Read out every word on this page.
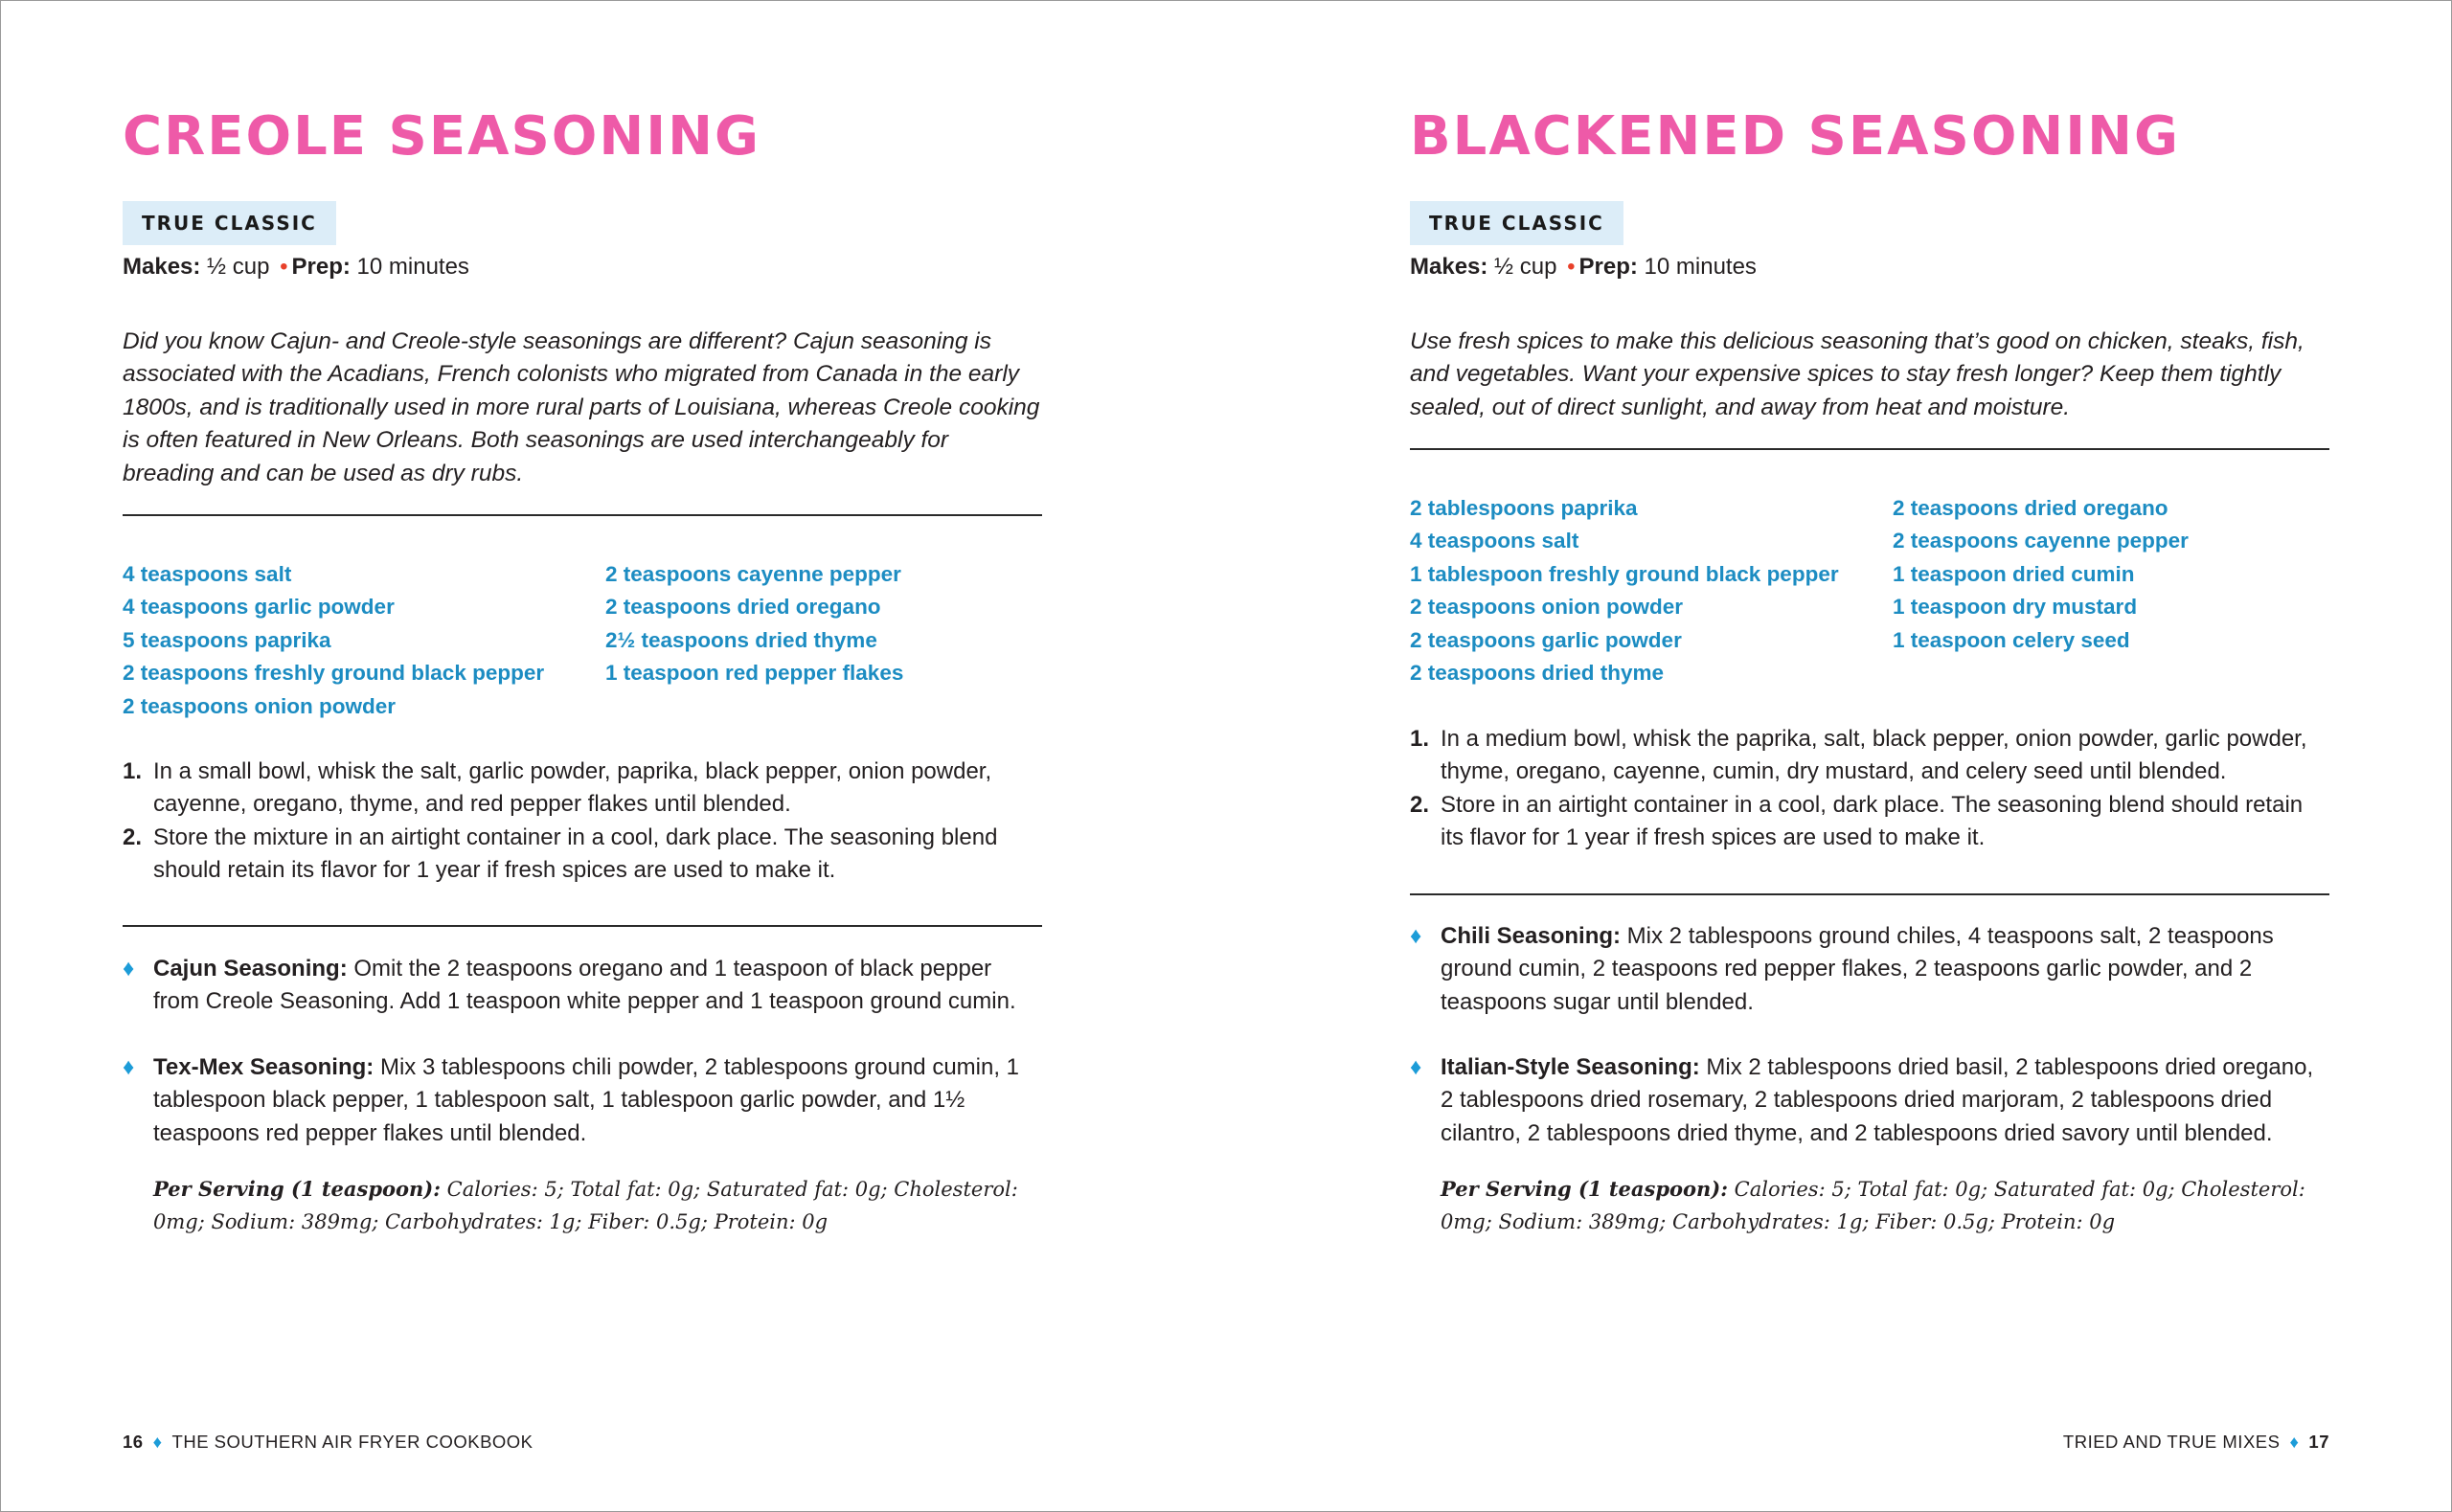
CREOLE SEASONING
TRUE CLASSIC
Makes: ½ cup • Prep: 10 minutes
Did you know Cajun- and Creole-style seasonings are different? Cajun seasoning is associated with the Acadians, French colonists who migrated from Canada in the early 1800s, and is traditionally used in more rural parts of Louisiana, whereas Creole cooking is often featured in New Orleans. Both seasonings are used interchangeably for breading and can be used as dry rubs.
4 teaspoons salt
4 teaspoons garlic powder
5 teaspoons paprika
2 teaspoons freshly ground black pepper
2 teaspoons onion powder
2 teaspoons cayenne pepper
2 teaspoons dried oregano
2½ teaspoons dried thyme
1 teaspoon red pepper flakes
1. In a small bowl, whisk the salt, garlic powder, paprika, black pepper, onion powder, cayenne, oregano, thyme, and red pepper flakes until blended.
2. Store the mixture in an airtight container in a cool, dark place. The seasoning blend should retain its flavor for 1 year if fresh spices are used to make it.
♦ Cajun Seasoning: Omit the 2 teaspoons oregano and 1 teaspoon of black pepper from Creole Seasoning. Add 1 teaspoon white pepper and 1 teaspoon ground cumin.
♦ Tex-Mex Seasoning: Mix 3 tablespoons chili powder, 2 tablespoons ground cumin, 1 tablespoon black pepper, 1 tablespoon salt, 1 tablespoon garlic powder, and 1½ teaspoons red pepper flakes until blended.
Per Serving (1 teaspoon): Calories: 5; Total fat: 0g; Saturated fat: 0g; Cholesterol: 0mg; Sodium: 389mg; Carbohydrates: 1g; Fiber: 0.5g; Protein: 0g
16 ♦ THE SOUTHERN AIR FRYER COOKBOOK
BLACKENED SEASONING
TRUE CLASSIC
Makes: ½ cup • Prep: 10 minutes
Use fresh spices to make this delicious seasoning that’s good on chicken, steaks, fish, and vegetables. Want your expensive spices to stay fresh longer? Keep them tightly sealed, out of direct sunlight, and away from heat and moisture.
2 tablespoons paprika
4 teaspoons salt
1 tablespoon freshly ground black pepper
2 teaspoons onion powder
2 teaspoons garlic powder
2 teaspoons dried thyme
2 teaspoons dried oregano
2 teaspoons cayenne pepper
1 teaspoon dried cumin
1 teaspoon dry mustard
1 teaspoon celery seed
1. In a medium bowl, whisk the paprika, salt, black pepper, onion powder, garlic powder, thyme, oregano, cayenne, cumin, dry mustard, and celery seed until blended.
2. Store in an airtight container in a cool, dark place. The seasoning blend should retain its flavor for 1 year if fresh spices are used to make it.
♦ Chili Seasoning: Mix 2 tablespoons ground chiles, 4 teaspoons salt, 2 teaspoons ground cumin, 2 teaspoons red pepper flakes, 2 teaspoons garlic powder, and 2 teaspoons sugar until blended.
♦ Italian-Style Seasoning: Mix 2 tablespoons dried basil, 2 tablespoons dried oregano, 2 tablespoons dried rosemary, 2 tablespoons dried marjoram, 2 tablespoons dried cilantro, 2 tablespoons dried thyme, and 2 tablespoons dried savory until blended.
Per Serving (1 teaspoon): Calories: 5; Total fat: 0g; Saturated fat: 0g; Cholesterol: 0mg; Sodium: 389mg; Carbohydrates: 1g; Fiber: 0.5g; Protein: 0g
TRIED AND TRUE MIXES ♦ 17
